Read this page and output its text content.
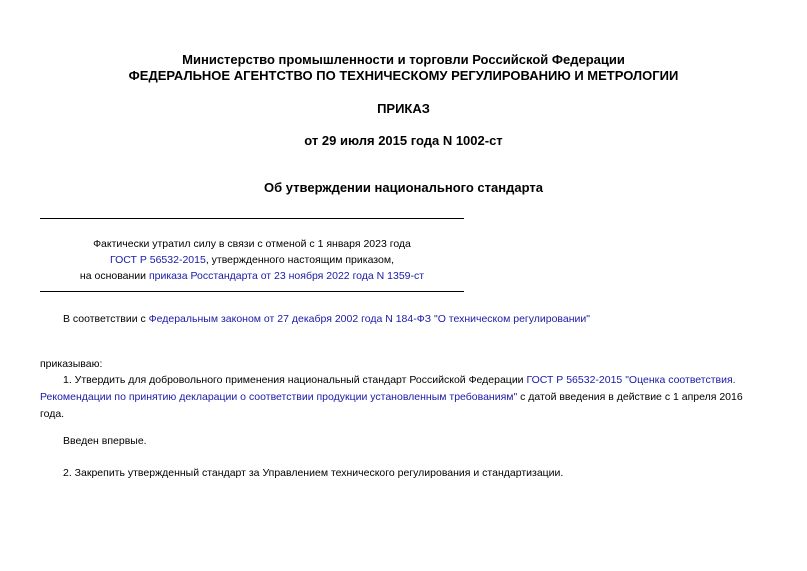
Министерство промышленности и торговли Российской Федерации
ФЕДЕРАЛЬНОЕ АГЕНТСТВО ПО ТЕХНИЧЕСКОМУ РЕГУЛИРОВАНИЮ И МЕТРОЛОГИИ
ПРИКАЗ
от 29 июля 2015 года N 1002-ст
Об утверждении национального стандарта
Фактически утратил силу в связи с отменой с 1 января 2023 года
ГОСТ Р 56532-2015, утвержденного настоящим приказом,
на основании приказа Росстандарта от 23 ноября 2022 года N 1359-ст
В соответствии с Федеральным законом от 27 декабря 2002 года N 184-ФЗ "О техническом регулировании"
приказываю:
1. Утвердить для добровольного применения национальный стандарт Российской Федерации ГОСТ Р 56532-2015 "Оценка соответствия. Рекомендации по принятию декларации о соответствии продукции установленным требованиям" с датой введения в действие с 1 апреля 2016 года.
Введен впервые.
2. Закрепить утвержденный стандарт за Управлением технического регулирования и стандартизации.
